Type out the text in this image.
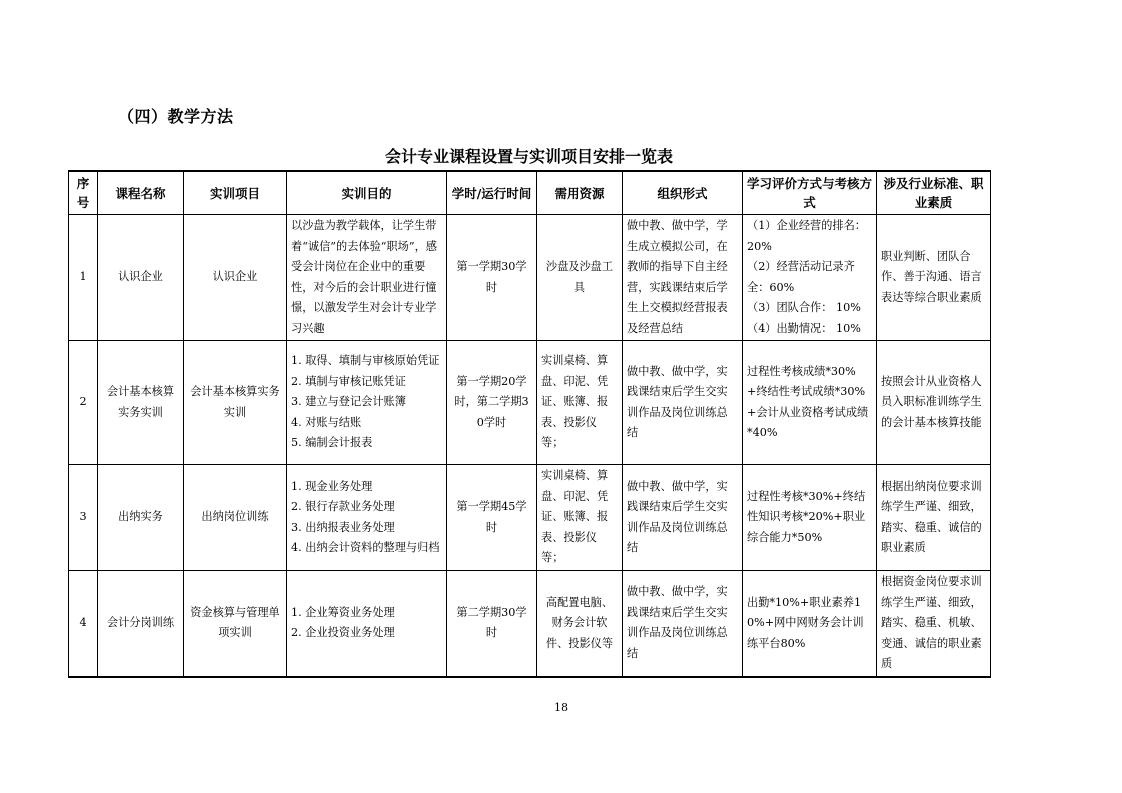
（四）教学方法
会计专业课程设置与实训项目安排一览表
序号	课程名称	实训项目	实训目的	学时/运行时间	需用资源	组织形式	学习评价方式与考核方式	涉及行业标准、职业素质
1	认识企业	认识企业	以沙盘为教学载体，让学生带着“诚信”的去体验“职场”，感受会计岗位在企业中的重要性，对今后的会计职业进行憧憬，以激发学生对会计专业学习兴趣	第一学期30学时	沙盘及沙盘工具	做中教、做中学，学生成立模拟公司，在教师的指导下自主经营，实践课结束后学生上交模拟经营报表及经营总结	（1）企业经营的排名：20%
（2）经营活动记录齐全：60%
（3）团队合作： 10%
（4）出勤情况： 10%	职业判断、团队合作、善于沟通、语言表达等综合职业素质
2	会计基本核算实务实训	会计基本核算实务实训	1. 取得、填制与审核原始凭证
2. 填制与审核记账凭证
3. 建立与登记会计账簿
4. 对账与结账
5. 编制会计报表	第一学期20学时，第二学期30学时	实训桌椅、算盘、印泥、凭证、账簿、报表、投影仪等；	做中教、做中学，实践课结束后学生交实训作品及岗位训练总结	过程性考核成绩*30%+终结性考试成绩*30%+会计从业资格考试成绩*40%	按照会计从业资格人员入职标准训练学生的会计基本核算技能
3	出纳实务	出纳岗位训练	1. 现金业务处理
2. 银行存款业务处理
3. 出纳报表业务处理
4. 出纳会计资料的整理与归档	第一学期45学时	实训桌椅、算盘、印泥、凭证、账簿、报表、投影仪等；	做中教、做中学，实践课结束后学生交实训作品及岗位训练总结	过程性考核*30%+终结性知识考核*20%+职业综合能力*50%	根据出纳岗位要求训练学生严谨、细致，踏实、稳重、诚信的职业素质
4	会计分岗训练	资金核算与管理单项实训	1. 企业筹资业务处理
2. 企业投资业务处理	第二学期30学时	高配置电脑、财务会计软件、投影仪等	做中教、做中学，实践课结束后学生交实训作品及岗位训练总结	出勤*10%+职业素养10%+网中网财务会计训练平台80%	根据资金岗位要求训练学生严谨、细致，踏实、稳重、机敏、变通、诚信的职业素质
18
